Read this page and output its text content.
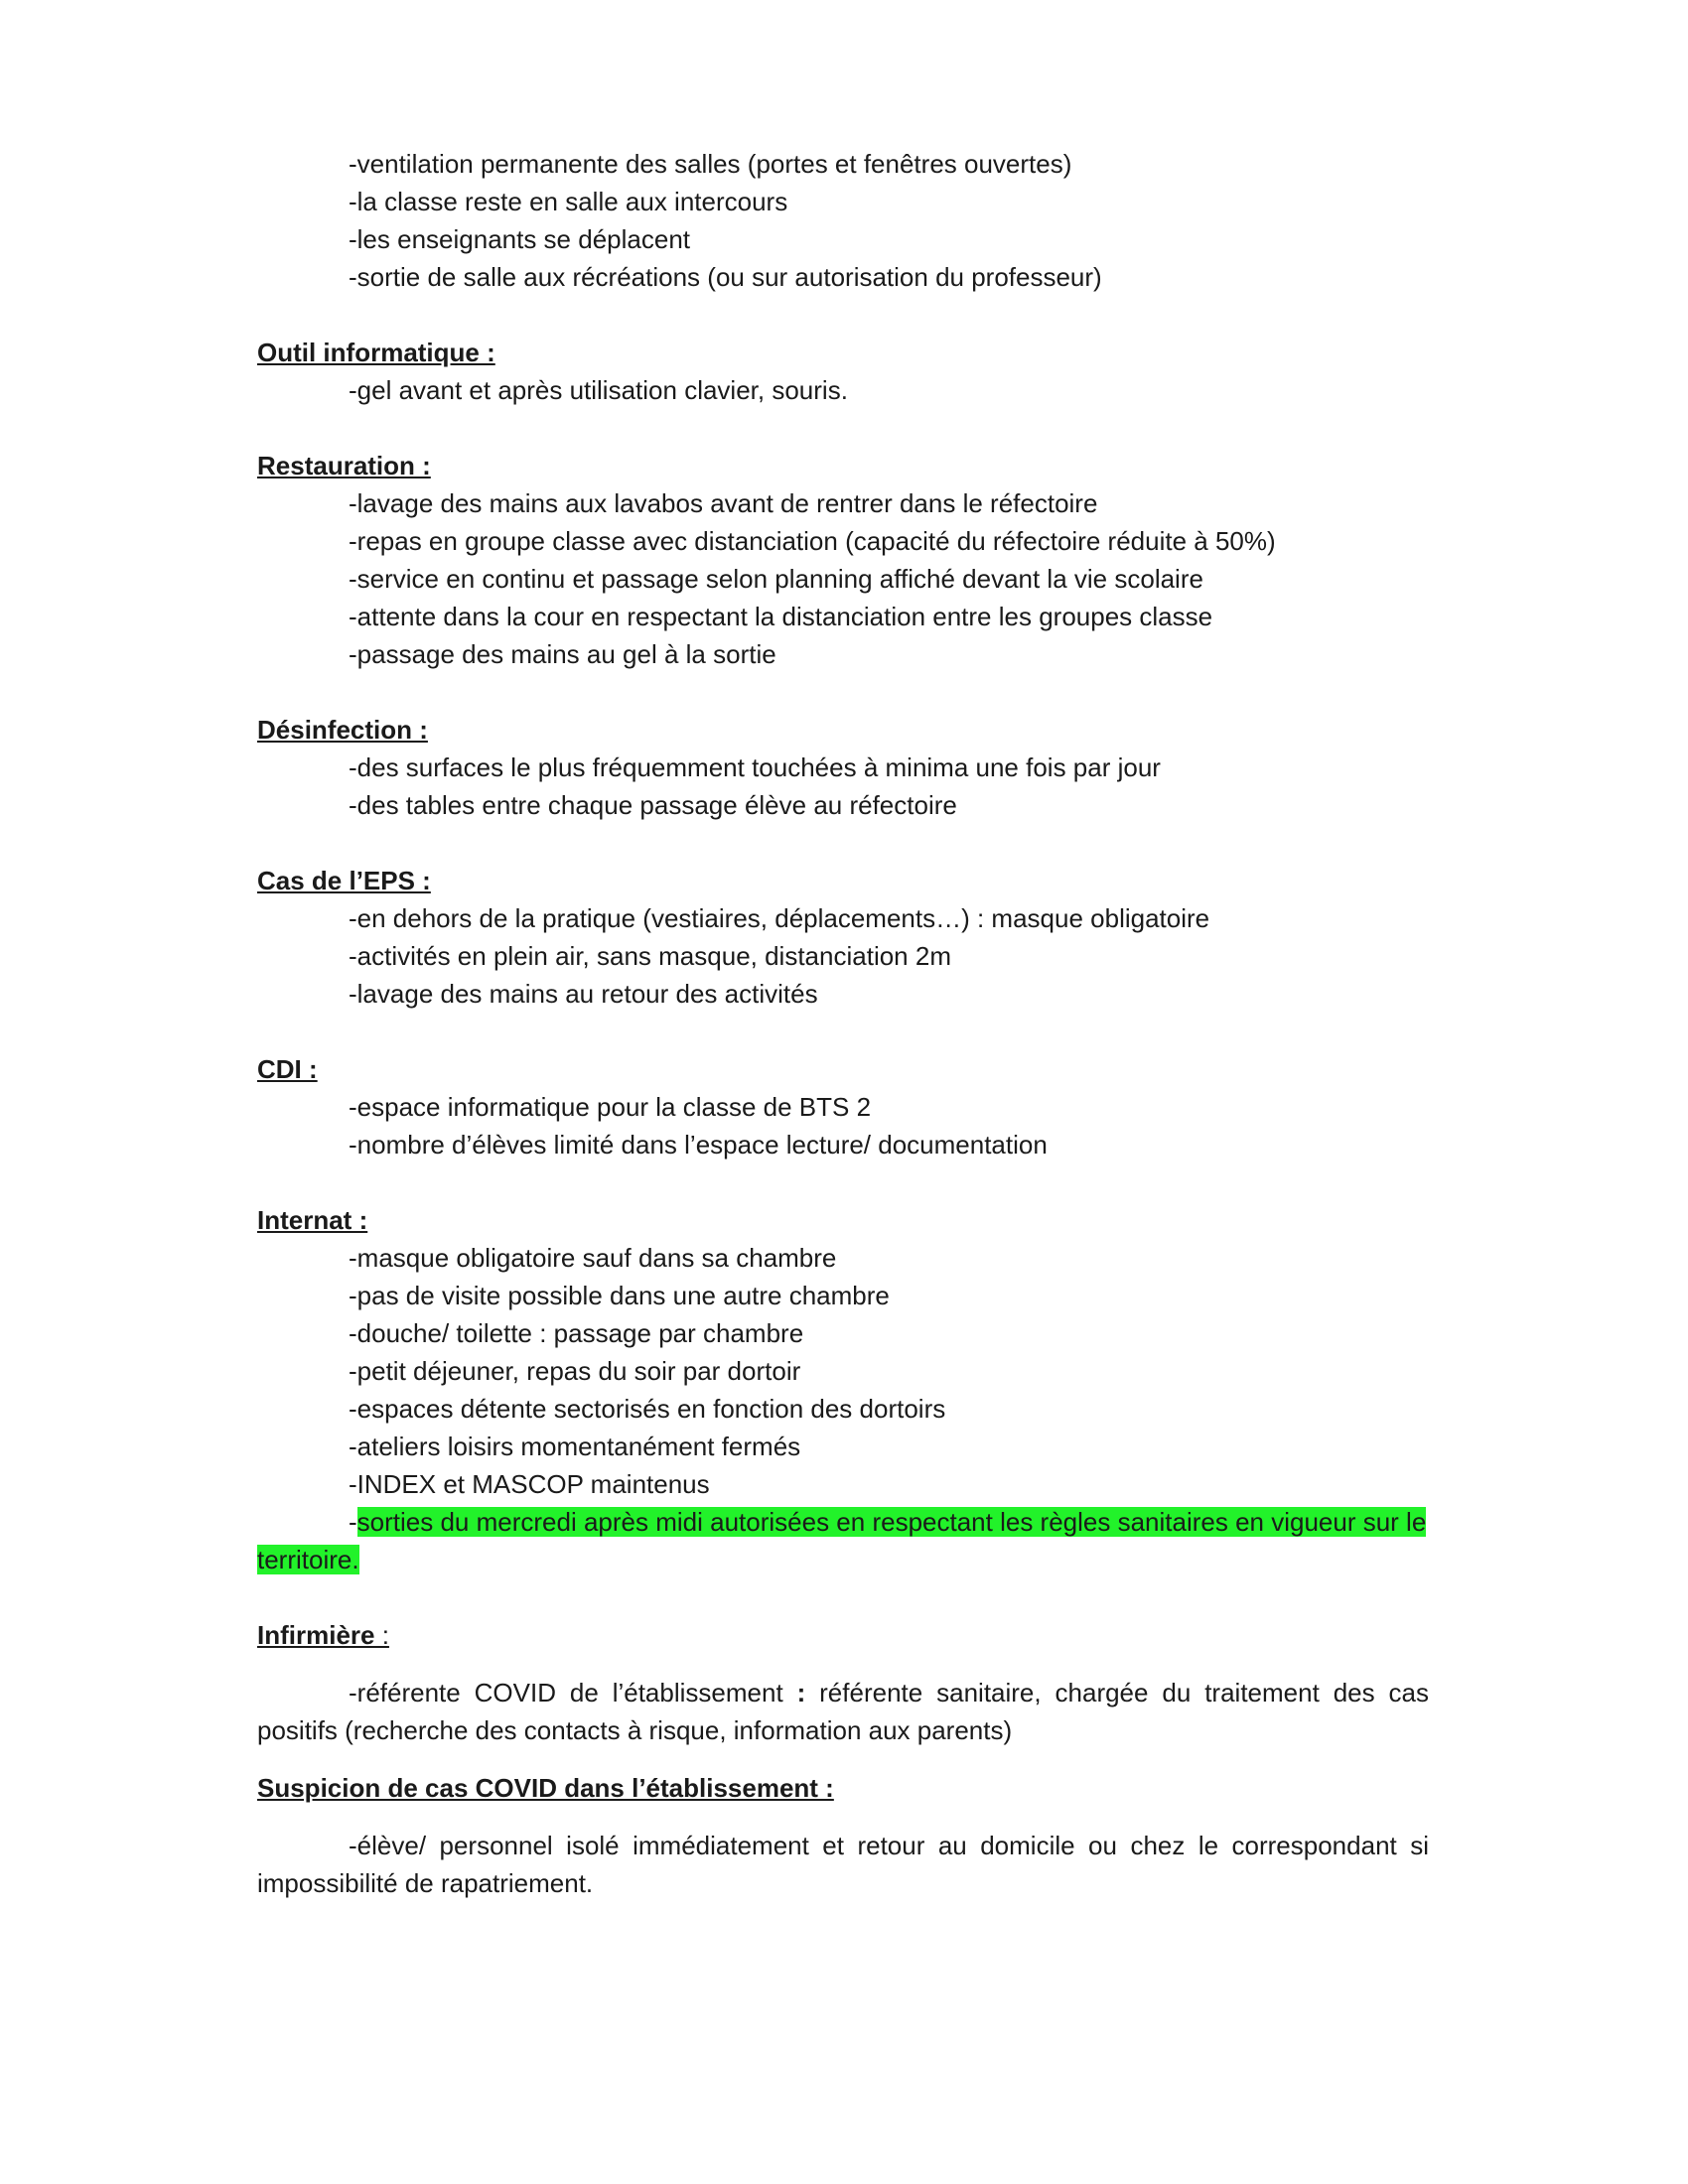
-ventilation permanente des salles (portes et fenêtres ouvertes)
-la classe reste en salle aux intercours
-les enseignants se déplacent
-sortie de salle aux récréations (ou sur autorisation du professeur)
Outil informatique :
-gel avant et après utilisation clavier, souris.
Restauration :
-lavage des mains aux lavabos avant de rentrer dans le réfectoire
-repas en groupe classe avec distanciation (capacité du réfectoire réduite à 50%)
-service en continu et passage selon planning affiché devant la vie scolaire
-attente dans la cour en respectant la distanciation entre les groupes classe
-passage des mains au gel à la sortie
Désinfection :
-des surfaces le plus fréquemment touchées à minima une fois par jour
-des tables entre chaque passage élève au réfectoire
Cas de l’EPS :
-en dehors de la pratique (vestiaires, déplacements…) : masque obligatoire
-activités en plein air, sans masque, distanciation 2m
-lavage des mains au retour des activités
CDI :
-espace informatique pour la classe de BTS 2
-nombre d’élèves limité dans l’espace lecture/ documentation
Internat :
-masque obligatoire sauf dans sa chambre
-pas de visite possible dans une autre chambre
-douche/ toilette : passage par chambre
-petit déjeuner, repas du soir par dortoir
-espaces détente sectorisés en fonction des dortoirs
-ateliers loisirs momentanément fermés
-INDEX et MASCOP maintenus
-sorties du mercredi après midi autorisées en respectant les règles sanitaires en vigueur sur le
territoire.
Infirmière :
-référente COVID de l’établissement : référente sanitaire, chargée du traitement des cas positifs (recherche des contacts à risque, information aux parents)
Suspicion de cas COVID dans l’établissement :
-élève/ personnel isolé immédiatement et retour au domicile ou chez le correspondant si impossibilité de rapatriement.
